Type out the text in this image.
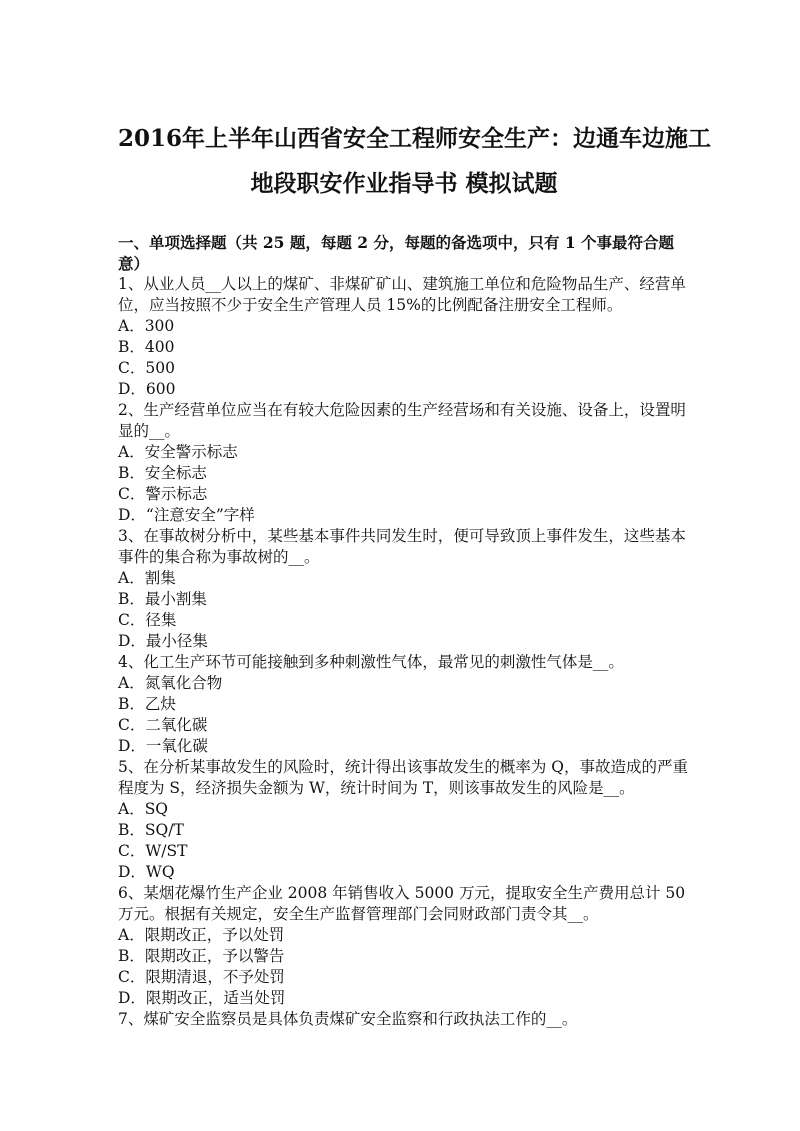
2016年上半年山西省安全工程师安全生产：边通车边施工
地段职安作业指导书 模拟试题

一、单项选择题（共 25 题，每题 2 分，每题的备选项中，只有 1 个事最符合题意）

1、从业人员__人以上的煤矿、非煤矿矿山、建筑施工单位和危险物品生产、经营单位，应当按照不少于安全生产管理人员 15%的比例配备注册安全工程师。

A．300

B．400

C．500

D．600

2、生产经营单位应当在有较大危险因素的生产经营场和有关设施、设备上，设置明显的__。

A．安全警示标志

B．安全标志

C．警示标志

D．“注意安全”字样

3、在事故树分析中，某些基本事件共同发生时，便可导致顶上事件发生，这些基本事件的集合称为事故树的__。

A．割集

B．最小割集

C．径集

D．最小径集

4、化工生产环节可能接触到多种刺激性气体，最常见的刺激性气体是__。

A．氮氧化合物

B．乙炔

C．二氧化碳

D．一氧化碳

5、在分析某事故发生的风险时，统计得出该事故发生的概率为 Q，事故造成的严重程度为 S，经济损失金额为 W，统计时间为 T，则该事故发生的风险是__。

A．SQ

B．SQ/T

C．W/ST

D．WQ

6、某烟花爆竹生产企业 2008 年销售收入 5000 万元，提取安全生产费用总计 50 万元。根据有关规定，安全生产监督管理部门会同财政部门责令其__。

A．限期改正，予以处罚

B．限期改正，予以警告

C．限期清退，不予处罚

D．限期改正，适当处罚

7、煤矿安全监察员是具体负责煤矿安全监察和行政执法工作的__。
